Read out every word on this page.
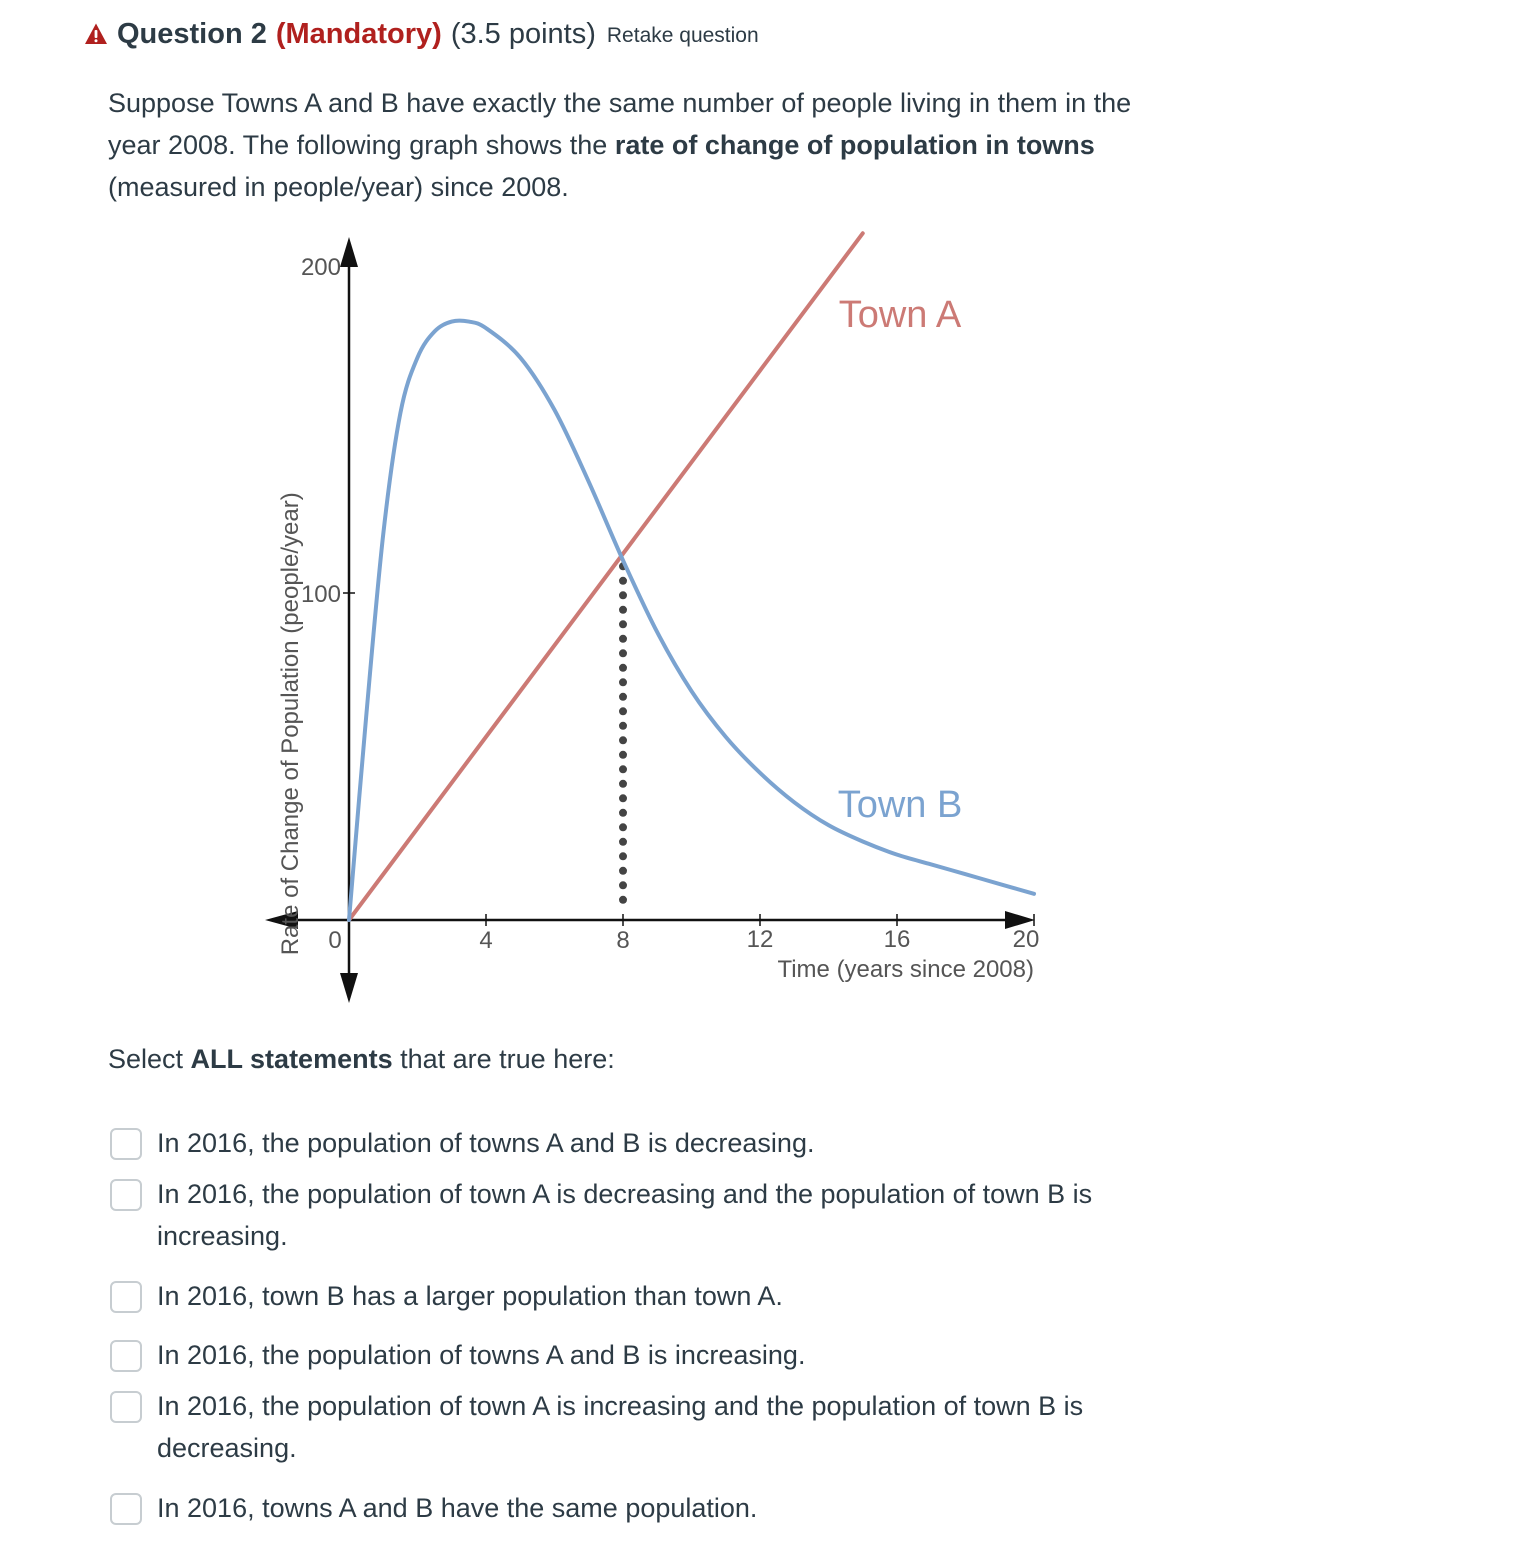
Question 2 (Mandatory) (3.5 points) Retake question
Suppose Towns A and B have exactly the same number of people living in them in the year 2008. The following graph shows the rate of change of population in towns (measured in people/year) since 2008.
0	4	8	12	16	20
100
200
Time (years since 2008)
Rate of Change of Population (people/year)
Town A
Town B
Select ALL statements that are true here:
In 2016, the population of towns A and B is decreasing.
In 2016, the population of town A is decreasing and the population of town B is increasing.
In 2016, town B has a larger population than town A.
In 2016, the population of towns A and B is increasing.
In 2016, the population of town A is increasing and the population of town B is decreasing.
In 2016, towns A and B have the same population.
